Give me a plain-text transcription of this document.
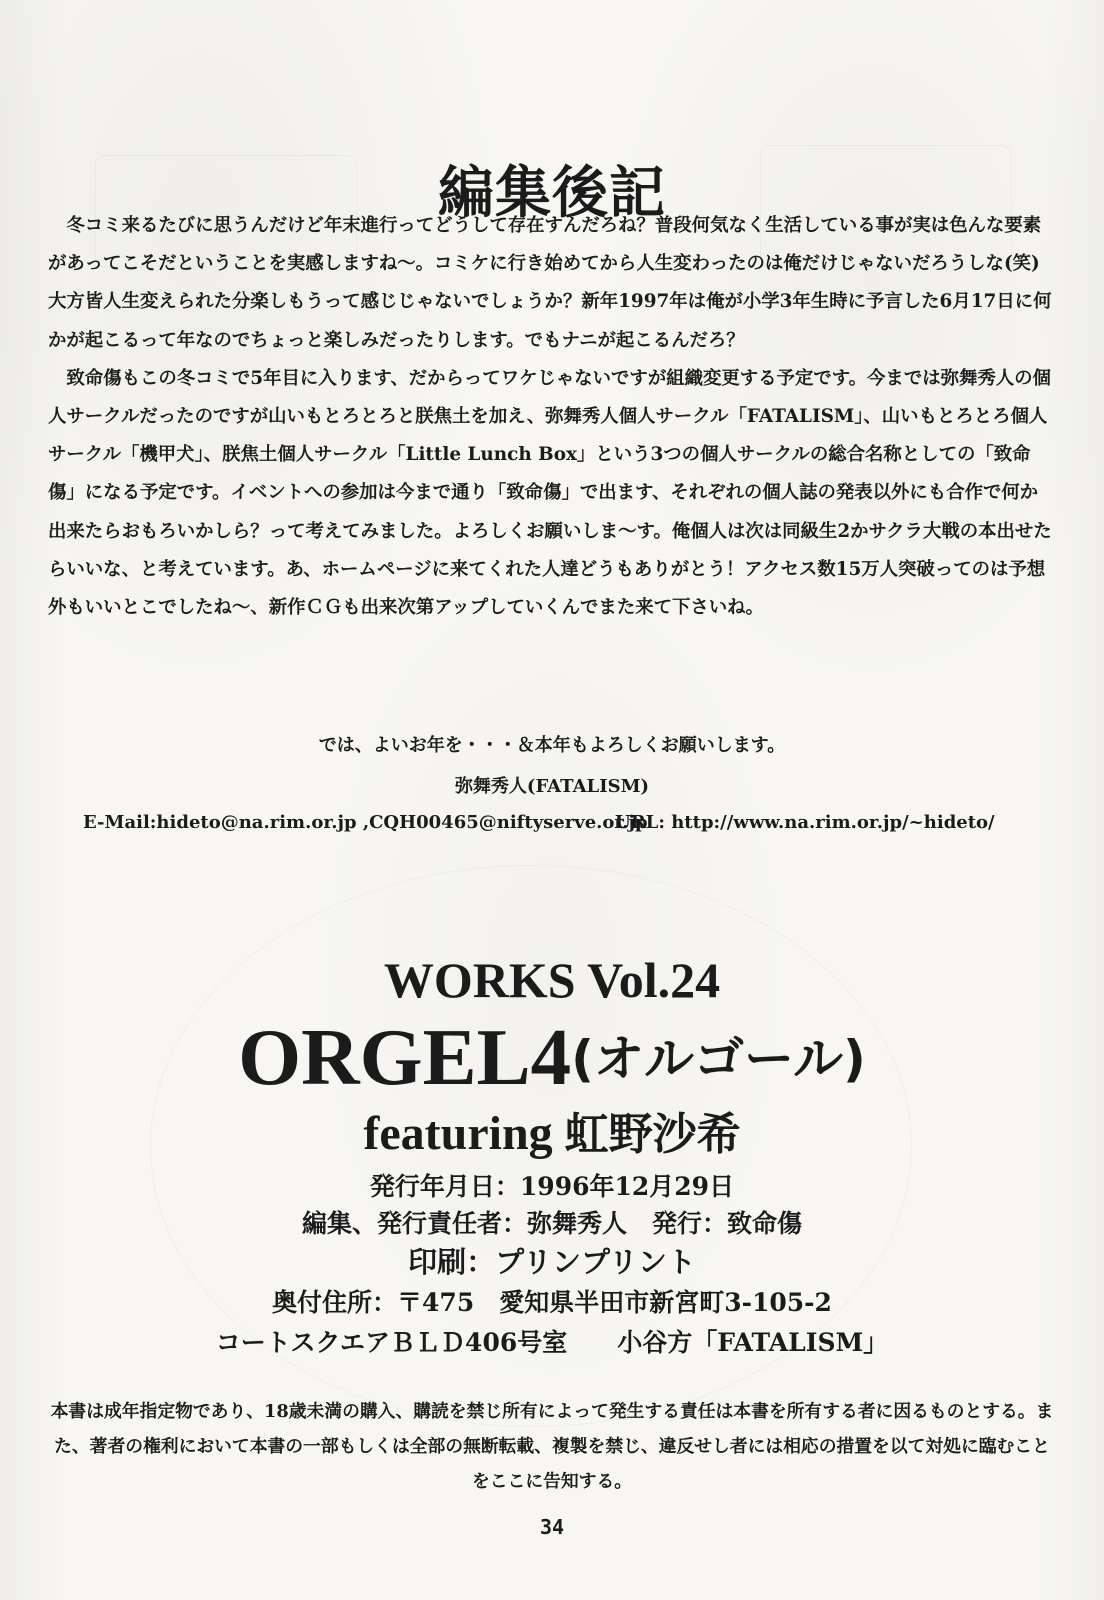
編集後記

冬コミ来るたびに思うんだけど年末進行ってどうして存在すんだろね？普段何気なく生活している事が実は色んな要素があってこそだということを実感しますね～。コミケに行き始めてから人生変わったのは俺だけじゃないだろうしな(笑)大方皆人生変えられた分楽しもうって感じじゃないでしょうか？新年1997年は俺が小学3年生時に予言した6月17日に何かが起こるって年なのでちょっと楽しみだったりします。でもナニが起こるんだろ？

致命傷もこの冬コミで5年目に入ります、だからってワケじゃないですが組織変更する予定です。今までは弥舞秀人の個人サークルだったのですが山いもとろとろと朕焦土を加え、弥舞秀人個人サークル「FATALISM」、山いもとろとろ個人サークル「機甲犬」、朕焦土個人サークル「Little Lunch Box」という3つの個人サークルの総合名称としての「致命傷」になる予定です。イベントへの参加は今まで通り「致命傷」で出ます、それぞれの個人誌の発表以外にも合作で何か出来たらおもろいかしら？って考えてみました。よろしくお願いしま～す。俺個人は次は同級生2かサクラ大戦の本出せたらいいな、と考えています。あ、ホームページに来てくれた人達どうもありがとう！アクセス数15万人突破ってのは予想外もいいとこでしたね～、新作ＣＧも出来次第アップしていくんでまた来て下さいね。

では、よいお年を・・・＆本年もよろしくお願いします。
弥舞秀人(FATALISM)
E-Mail:hideto@na.rim.or.jp ,CQH00465@niftyserve.or.jp
URL: http://www.na.rim.or.jp/~hideto/
WORKS Vol.24
ORGEL4(オルゴール)
featuring 虹野沙希
発行年月日：1996年12月29日
編集、発行責任者：弥舞秀人　発行：致命傷
印刷：プリンプリント
奥付住所：〒475　愛知県半田市新宮町3-105-2
コートスクエアＢＬＤ406号室　　小谷方「FATALISM」

本書は成年指定物であり、18歳未満の購入、購読を禁じ所有によって発生する責任は本書を所有する者に因るものとする。また、著者の権利において本書の一部もしくは全部の無断転載、複製を禁じ、違反せし者には相応の措置を以て対処に臨むことをここに告知する。

34
